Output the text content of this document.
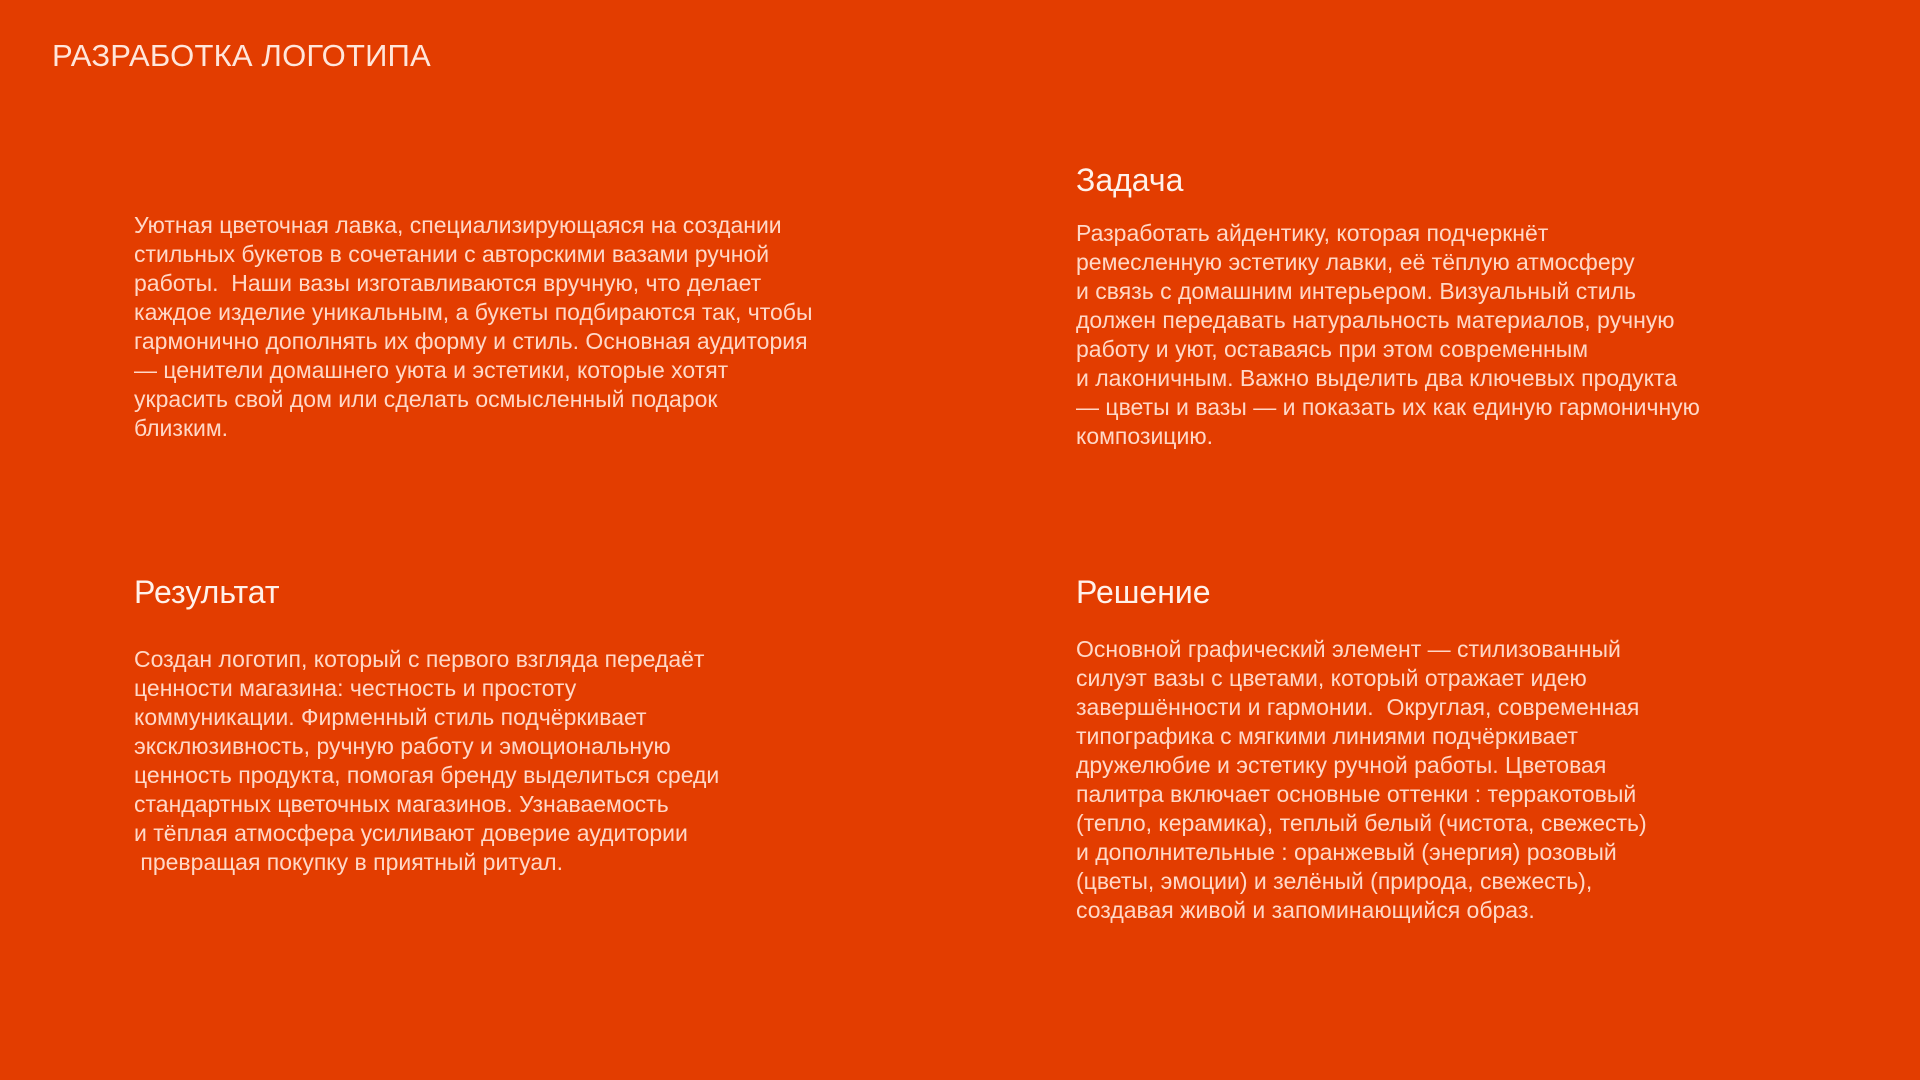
РАЗРАБОТКА ЛОГОТИПА
Уютная цветочная лавка, специализирующаяся на создании
стильных букетов в сочетании с авторскими вазами ручной
работы.  Наши вазы изготавливаются вручную, что делает
каждое изделие уникальным, а букеты подбираются так, чтобы
гармонично дополнять их форму и стиль. Основная аудитория
— ценители домашнего уюта и эстетики, которые хотят
украсить свой дом или сделать осмысленный подарок
близким.
Задача
Разработать айдентику, которая подчеркнёт
ремесленную эстетику лавки, её тёплую атмосферу
и связь с домашним интерьером. Визуальный стиль
должен передавать натуральность материалов, ручную
работу и уют, оставаясь при этом современным
и лаконичным. Важно выделить два ключевых продукта
— цветы и вазы — и показать их как единую гармоничную
композицию.
Результат
Создан логотип, который с первого взгляда передаёт
ценности магазина: честность и простоту
коммуникации. Фирменный стиль подчёркивает
эксклюзивность, ручную работу и эмоциональную
ценность продукта, помогая бренду выделиться среди
стандартных цветочных магазинов. Узнаваемость
и тёплая атмосфера усиливают доверие аудитории
превращая покупку в приятный ритуал.
Решение
Основной графический элемент — стилизованный
силуэт вазы с цветами, который отражает идею
завершённости и гармонии.  Округлая, современная
типографика с мягкими линиями подчёркивает
дружелюбие и эстетику ручной работы. Цветовая
палитра включает основные оттенки : терракотовый
(тепло, керамика), теплый белый (чистота, свежесть)
и дополнительные : оранжевый (энергия) розовый
(цветы, эмоции) и зелёный (природа, свежесть),
создавая живой и запоминающийся образ.
